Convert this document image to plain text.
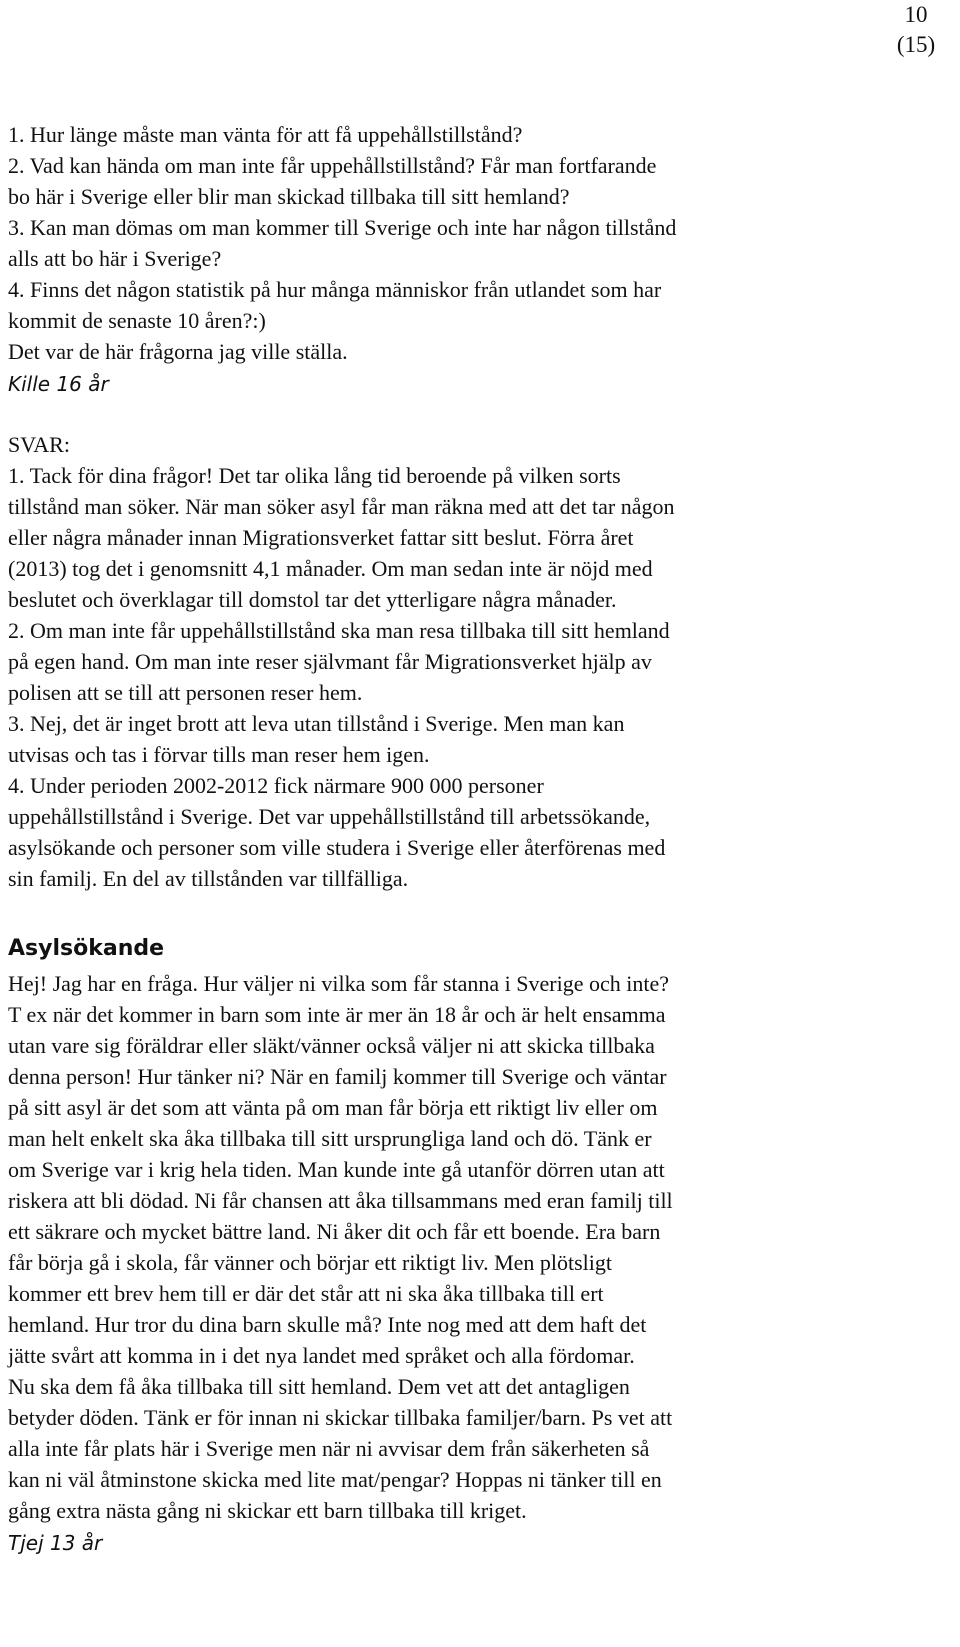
10
(15)
1. Hur länge måste man vänta för att få uppehållstillstånd?
2. Vad kan hända om man inte får uppehållstillstånd? Får man fortfarande
bo här i Sverige eller blir man skickad tillbaka till sitt hemland?
3. Kan man dömas om man kommer till Sverige och inte har någon tillstånd
alls att bo här i Sverige?
4. Finns det någon statistik på hur många människor från utlandet som har
kommit de senaste 10 åren?:)
Det var de här frågorna jag ville ställa.
Kille 16 år
SVAR:
1. Tack för dina frågor! Det tar olika lång tid beroende på vilken sorts
tillstånd man söker. När man söker asyl får man räkna med att det tar någon
eller några månader innan Migrationsverket fattar sitt beslut. Förra året
(2013) tog det i genomsnitt 4,1 månader. Om man sedan inte är nöjd med
beslutet och överklagar till domstol tar det ytterligare några månader.
2. Om man inte får uppehållstillstånd ska man resa tillbaka till sitt hemland
på egen hand. Om man inte reser självmant får Migrationsverket hjälp av
polisen att se till att personen reser hem.
3. Nej, det är inget brott att leva utan tillstånd i Sverige. Men man kan
utvisas och tas i förvar tills man reser hem igen.
4. Under perioden 2002-2012 fick närmare 900 000 personer
uppehållstillstånd i Sverige. Det var uppehållstillstånd till arbetssökande,
asylsökande och personer som ville studera i Sverige eller återförenas med
sin familj. En del av tillstånden var tillfälliga.
Asylsökande
Hej! Jag har en fråga. Hur väljer ni vilka som får stanna i Sverige och inte?
T ex när det kommer in barn som inte är mer än 18 år och är helt ensamma
utan vare sig föräldrar eller släkt/vänner också väljer ni att skicka tillbaka
denna person! Hur tänker ni? När en familj kommer till Sverige och väntar
på sitt asyl är det som att vänta på om man får börja ett riktigt liv eller om
man helt enkelt ska åka tillbaka till sitt ursprungliga land och dö. Tänk er
om Sverige var i krig hela tiden. Man kunde inte gå utanför dörren utan att
riskera att bli dödad. Ni får chansen att åka tillsammans med eran familj till
ett säkrare och mycket bättre land. Ni åker dit och får ett boende. Era barn
får börja gå i skola, får vänner och börjar ett riktigt liv. Men plötsligt
kommer ett brev hem till er där det står att ni ska åka tillbaka till ert
hemland. Hur tror du dina barn skulle må? Inte nog med att dem haft det
jätte svårt att komma in i det nya landet med språket och alla fördomar.
Nu ska dem få åka tillbaka till sitt hemland. Dem vet att det antagligen
betyder döden. Tänk er för innan ni skickar tillbaka familjer/barn. Ps vet att
alla inte får plats här i Sverige men när ni avvisar dem från säkerheten så
kan ni väl åtminstone skicka med lite mat/pengar? Hoppas ni tänker till en
gång extra nästa gång ni skickar ett barn tillbaka till kriget.
Tjej 13 år
